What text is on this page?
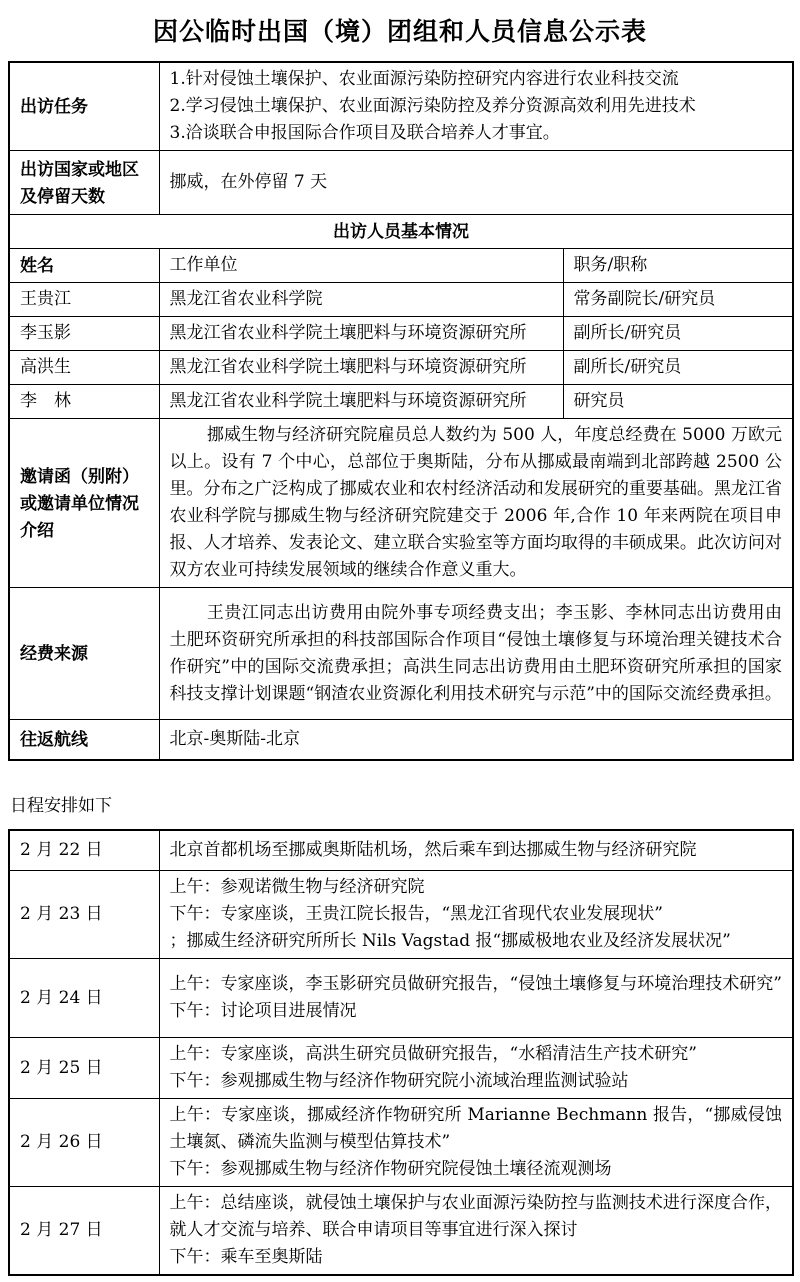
因公临时出国（境）团组和人员信息公示表
出访任务	1.针对侵蚀土壤保护、农业面源污染防控研究内容进行农业科技交流
2.学习侵蚀土壤保护、农业面源污染防控及养分资源高效利用先进技术
3.洽谈联合申报国际合作项目及联合培养人才事宜。	

出访国家或地区及停留天数	挪威，在外停留 7 天	
出访人员基本情况		
姓名	工作单位	职务/职称
王贵江	黑龙江省农业科学院	常务副院长/研究员
李玉影	黑龙江省农业科学院土壤肥料与环境资源研究所	副所长/研究员
高洪生	黑龙江省农业科学院土壤肥料与环境资源研究所	副所长/研究员
李　林	黑龙江省农业科学院土壤肥料与环境资源研究所	研究员
邀请函（别附）或邀请单位情况介绍	挪威生物与经济研究院雇员总人数约为 500 人，年度总经费在 5000 万欧元以上。设有 7 个中心，总部位于奥斯陆，分布从挪威最南端到北部跨越 2500 公里。分布之广泛构成了挪威农业和农村经济活动和发展研究的重要基础。黑龙江省农业科学院与挪威生物与经济研究院建交于 2006 年,合作 10 年来两院在项目申报、人才培养、发表论文、建立联合实验室等方面均取得的丰硕成果。此次访问对双方农业可持续发展领域的继续合作意义重大。	

经费来源	王贵江同志出访费用由院外事专项经费支出；李玉影、李林同志出访费用由土肥环资研究所承担的科技部国际合作项目“侵蚀土壤修复与环境治理关键技术合作研究”中的国际交流费承担；高洪生同志出访费用由土肥环资研究所承担的国家科技支撑计划课题“钢渣农业资源化利用技术研究与示范”中的国际交流经费承担。	

往返航线	北京-奥斯陆-北京	
日程安排如下
2 月 22 日	北京首都机场至挪威奥斯陆机场，然后乘车到达挪威生物与经济研究院

2 月 23 日	上午：参观诺微生物与经济研究院
下午：专家座谈，王贵江院长报告，“黑龙江省现代农业发展现状”
；挪威生经济研究所所长 Nils Vagstad 报“挪威极地农业及经济发展状况”

2 月 24 日	上午：专家座谈，李玉影研究员做研究报告，“侵蚀土壤修复与环境治理技术研究”
下午：讨论项目进展情况

2 月 25 日	上午：专家座谈，高洪生研究员做研究报告，“水稻清洁生产技术研究”
下午：参观挪威生物与经济作物研究院小流域治理监测试验站

2 月 26 日	上午：专家座谈，挪威经济作物研究所 Marianne Bechmann 报告，“挪威侵蚀土壤氮、磷流失监测与模型估算技术”
下午：参观挪威生物与经济作物研究院侵蚀土壤径流观测场

2 月 27 日	上午：总结座谈，就侵蚀土壤保护与农业面源污染防控与监测技术进行深度合作，就人才交流与培养、联合申请项目等事宜进行深入探讨
下午：乘车至奥斯陆
